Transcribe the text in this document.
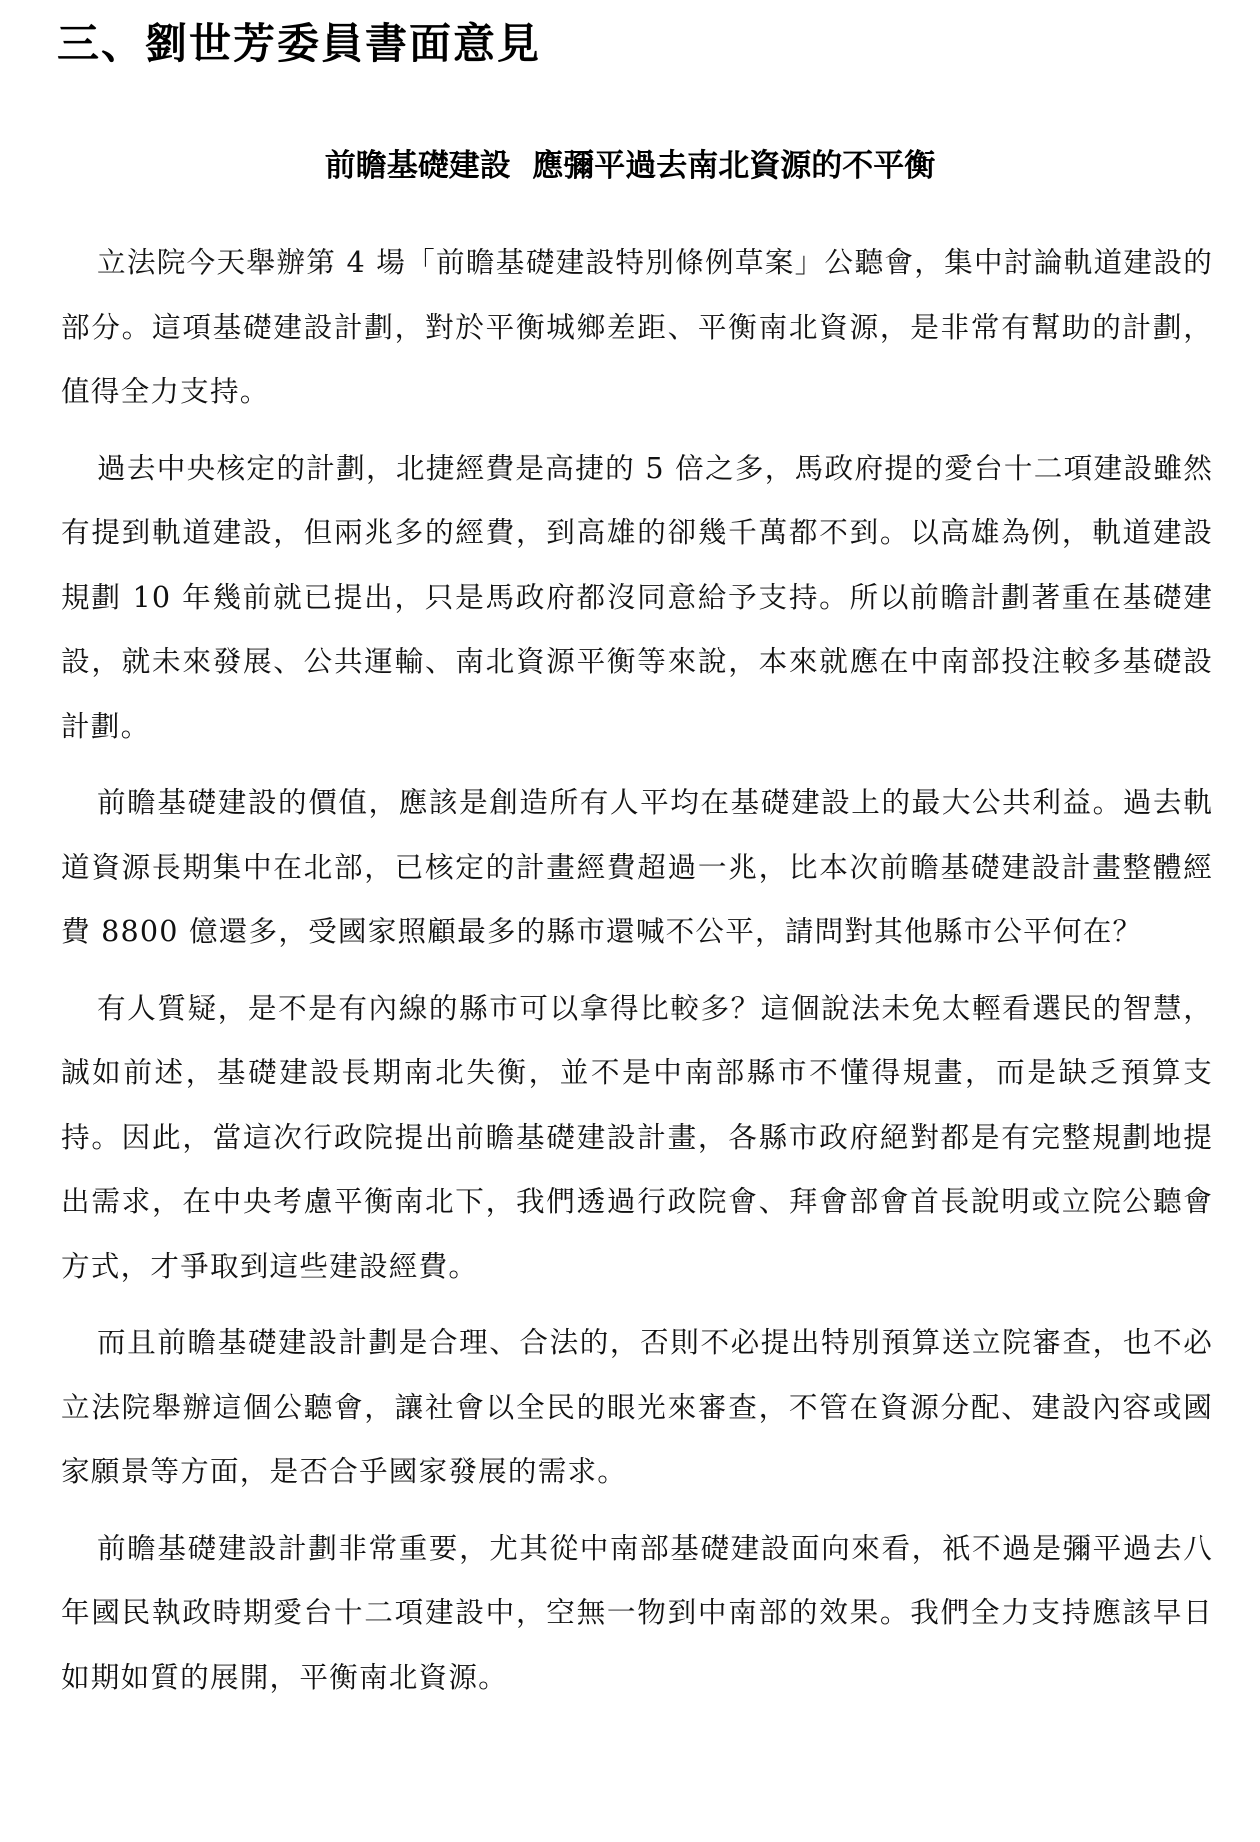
三、劉世芳委員書面意見
前瞻基礎建設  應彌平過去南北資源的不平衡

立法院今天舉辦第 4 場「前瞻基礎建設特別條例草案」公聽會，集中討論軌道建設的部分。這項基礎建設計劃，對於平衡城鄉差距、平衡南北資源，是非常有幫助的計劃，值得全力支持。

過去中央核定的計劃，北捷經費是高捷的 5 倍之多，馬政府提的愛台十二項建設雖然有提到軌道建設，但兩兆多的經費，到高雄的卻幾千萬都不到。以高雄為例，軌道建設規劃 10 年幾前就已提出，只是馬政府都沒同意給予支持。所以前瞻計劃著重在基礎建設，就未來發展、公共運輸、南北資源平衡等來說，本來就應在中南部投注較多基礎設計劃。

前瞻基礎建設的價值，應該是創造所有人平均在基礎建設上的最大公共利益。過去軌道資源長期集中在北部，已核定的計畫經費超過一兆，比本次前瞻基礎建設計畫整體經費 8800 億還多，受國家照顧最多的縣市還喊不公平，請問對其他縣市公平何在？

有人質疑，是不是有內線的縣市可以拿得比較多？這個說法未免太輕看選民的智慧，誠如前述，基礎建設長期南北失衡，並不是中南部縣市不懂得規畫，而是缺乏預算支持。因此，當這次行政院提出前瞻基礎建設計畫，各縣市政府絕對都是有完整規劃地提出需求，在中央考慮平衡南北下，我們透過行政院會、拜會部會首長說明或立院公聽會方式，才爭取到這些建設經費。

而且前瞻基礎建設計劃是合理、合法的，否則不必提出特別預算送立院審查，也不必立法院舉辦這個公聽會，讓社會以全民的眼光來審查，不管在資源分配、建設內容或國家願景等方面，是否合乎國家發展的需求。

前瞻基礎建設計劃非常重要，尤其從中南部基礎建設面向來看，祇不過是彌平過去八年國民執政時期愛台十二項建設中，空無一物到中南部的效果。我們全力支持應該早日如期如質的展開，平衡南北資源。
